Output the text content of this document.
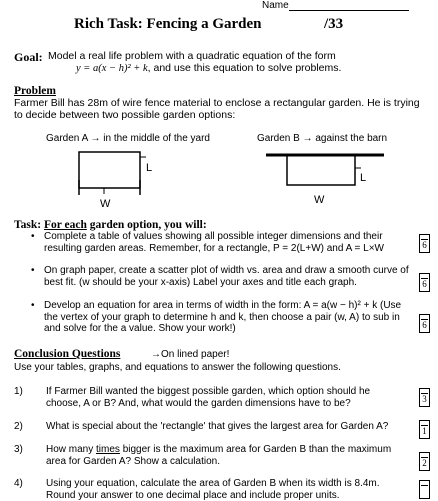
Name
Rich Task: Fencing a Garden	/33
Goal: Model a real life problem with a quadratic equation of the form
y = a(x − h)² + k, and use this equation to solve problems.
Problem
Farmer Bill has 28m of wire fence material to enclose a rectangular garden. He is trying to decide between two possible garden options:
Garden A → in the middle of the yard	Garden B → against the barn
L
W
L
W
Task: For each garden option, you will:
• Complete a table of values showing all possible integer dimensions and their resulting garden areas. Remember, for a rectangle, P = 2(L+W) and A = L×W	6
• On graph paper, create a scatter plot of width vs. area and draw a smooth curve of best fit. (w should be your x-axis) Label your axes and title each graph.	6
• Develop an equation for area in terms of width in the form: A = a(w − h)² + k (Use the vertex of your graph to determine h and k, then choose a pair (w, A) to sub in and solve for the a value. Show your work!)	6
Conclusion Questions	→On lined paper!
Use your tables, graphs, and equations to answer the following questions.
1) If Farmer Bill wanted the biggest possible garden, which option should he choose, A or B? And, what would the garden dimensions have to be?	3
2) What is special about the 'rectangle' that gives the largest area for Garden A?	1
3) How many times bigger is the maximum area for Garden B than the maximum area for Garden A? Show a calculation.	2
4) Using your equation, calculate the area of Garden B when its width is 8.4m. Round your answer to one decimal place and include proper units.
